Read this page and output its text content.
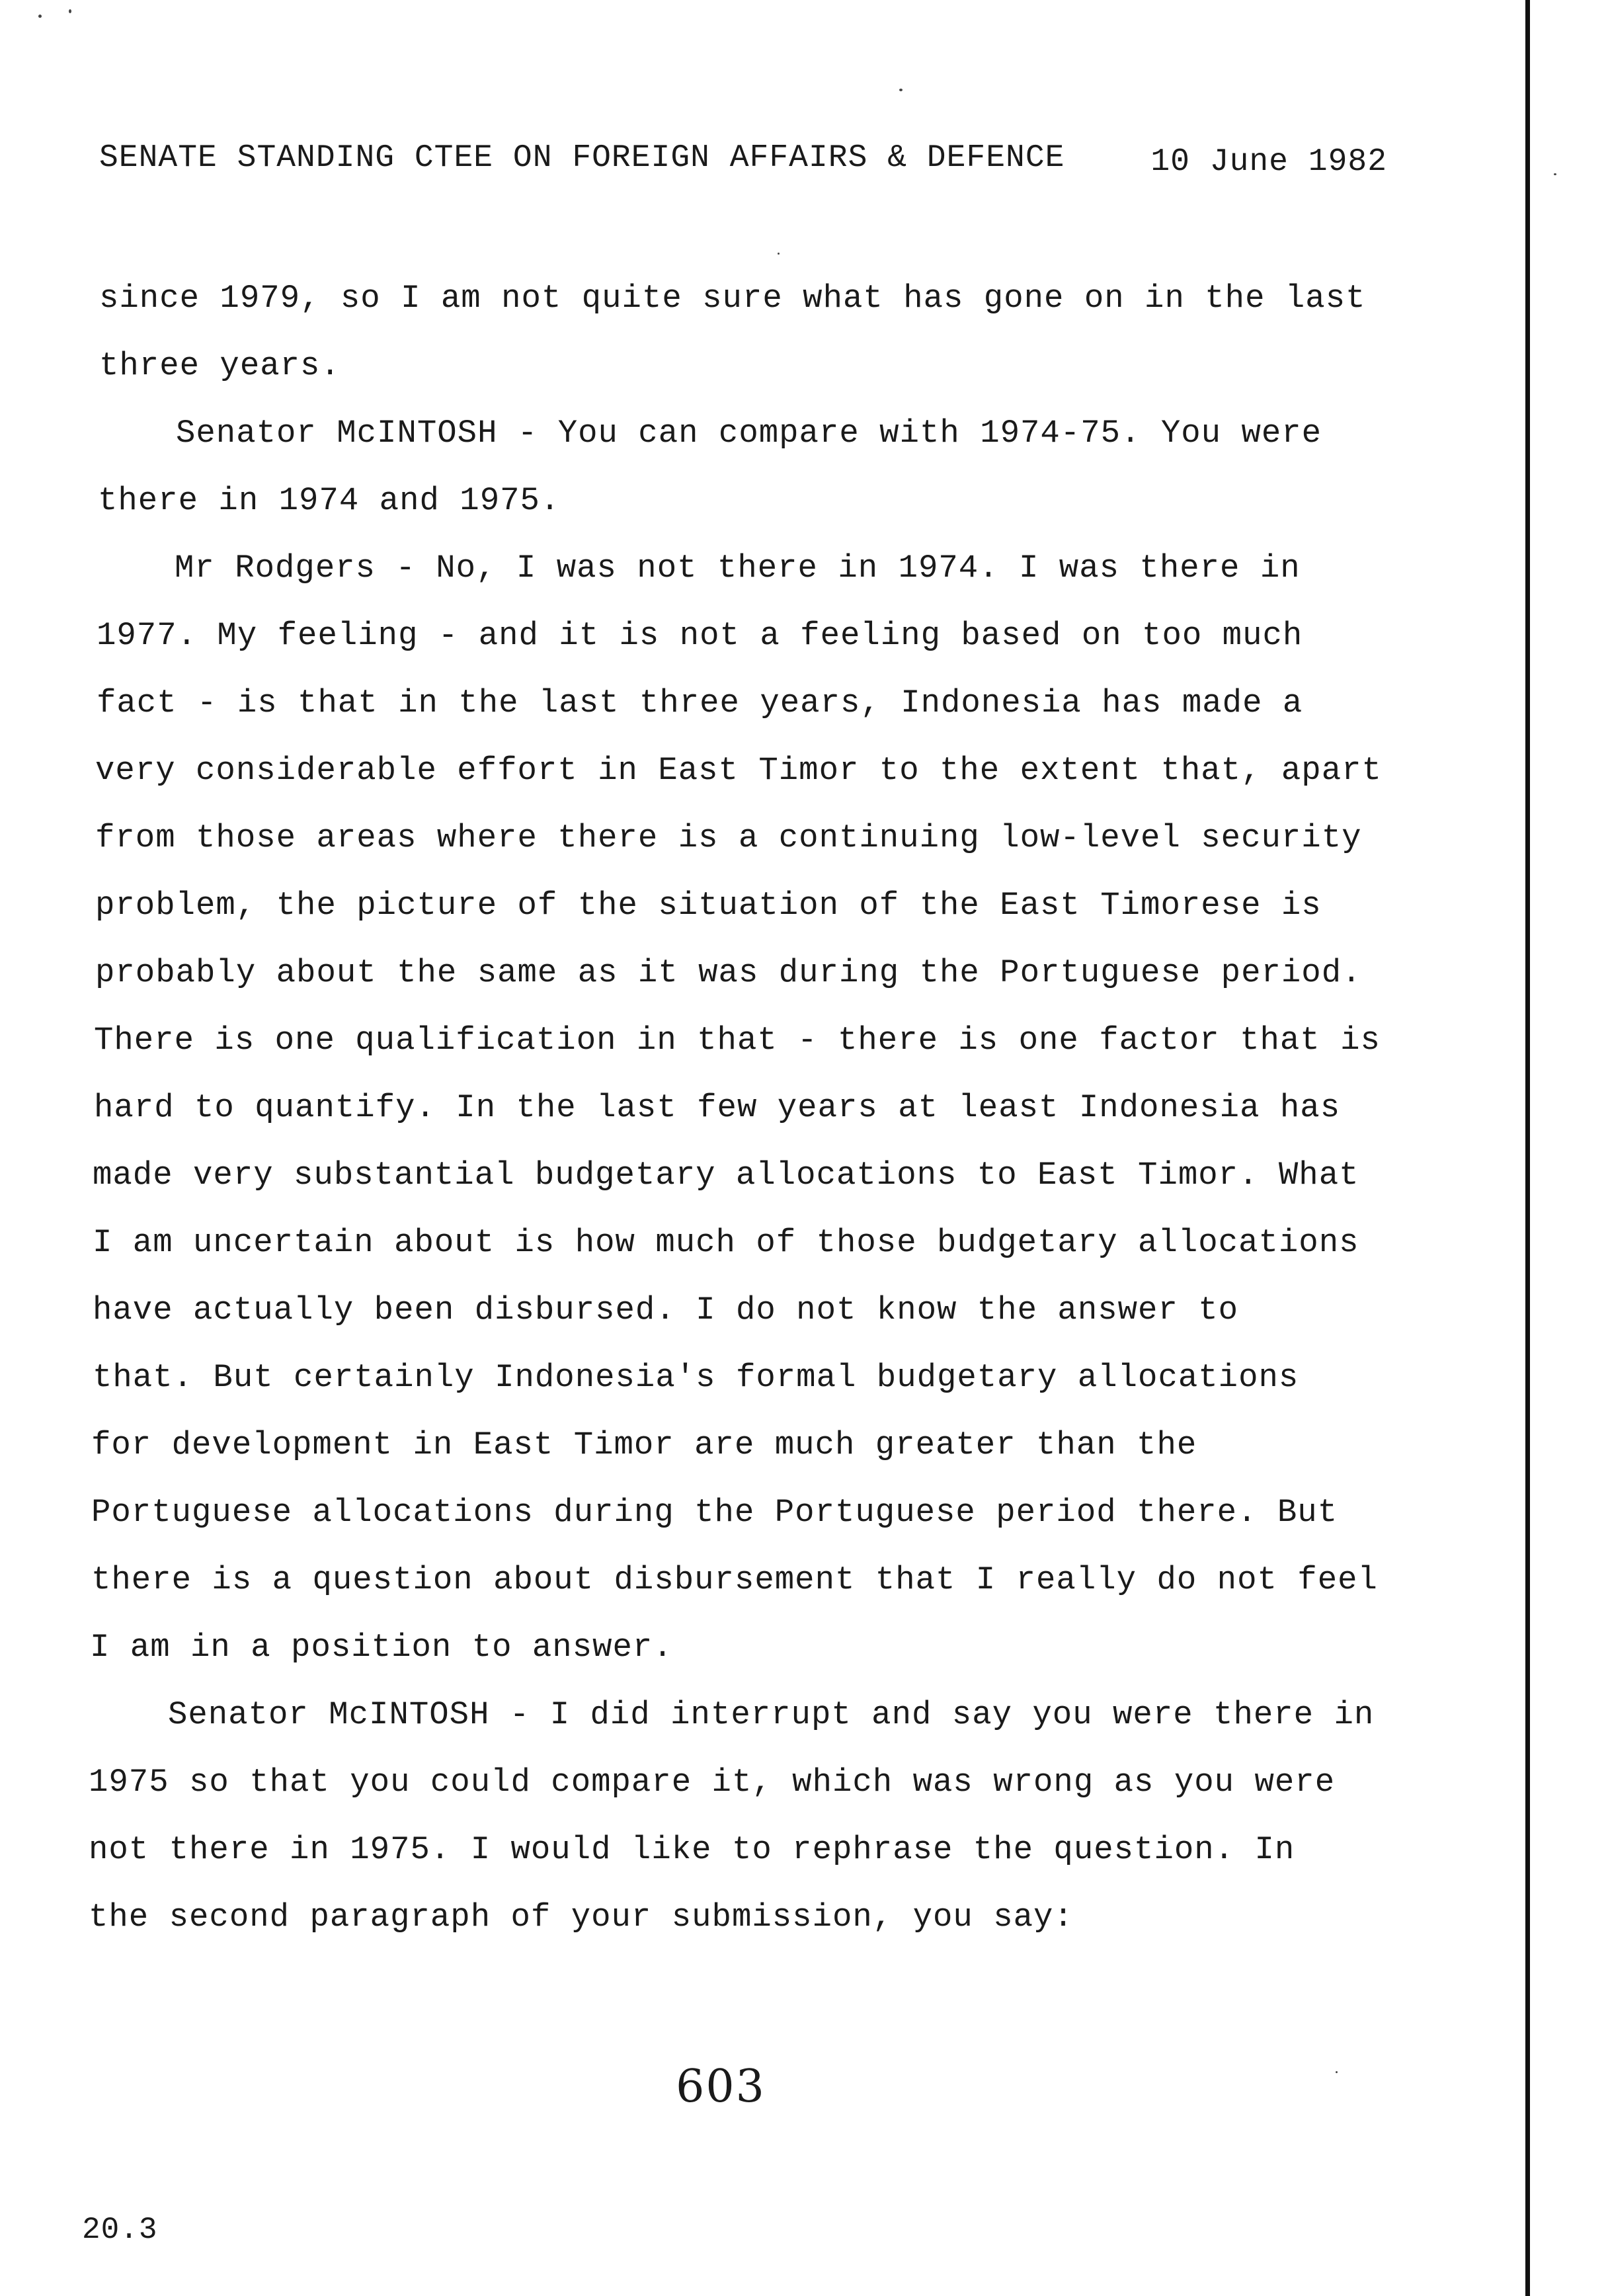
SENATE STANDING CTEE ON FOREIGN AFFAIRS & DEFENCE	10 June 1982
since 1979, so I am not quite sure what has gone on in the last
three years.
Senator McINTOSH - You can compare with 1974-75. You were
there in 1974 and 1975.
Mr Rodgers - No, I was not there in 1974. I was there in
1977. My feeling - and it is not a feeling based on too much
fact - is that in the last three years, Indonesia has made a
very considerable effort in East Timor to the extent that, apart
from those areas where there is a continuing low-level security
problem, the picture of the situation of the East Timorese is
probably about the same as it was during the Portuguese period.
There is one qualification in that - there is one factor that is
hard to quantify. In the last few years at least Indonesia has
made very substantial budgetary allocations to East Timor. What
I am uncertain about is how much of those budgetary allocations
have actually been disbursed. I do not know the answer to
that. But certainly Indonesia's formal budgetary allocations
for development in East Timor are much greater than the
Portuguese allocations during the Portuguese period there. But
there is a question about disbursement that I really do not feel
I am in a position to answer.
Senator McINTOSH - I did interrupt and say you were there in
1975 so that you could compare it, which was wrong as you were
not there in 1975. I would like to rephrase the question. In
the second paragraph of your submission, you say:
603
20.3
